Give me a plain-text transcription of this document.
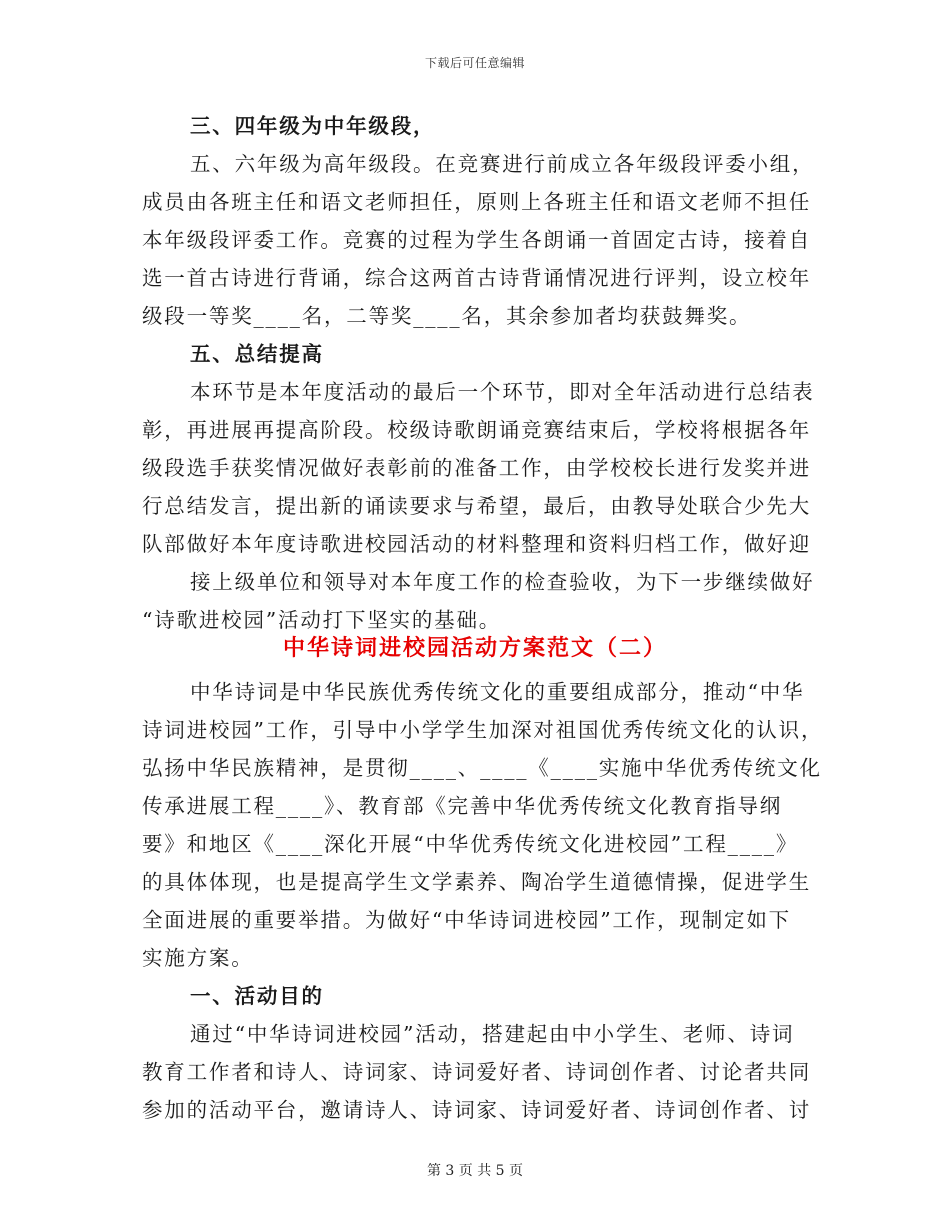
下载后可任意编辑
三、四年级为中年级段，
五、六年级为高年级段。在竞赛进行前成立各年级段评委小组，
成员由各班主任和语文老师担任，原则上各班主任和语文老师不担任
本年级段评委工作。竞赛的过程为学生各朗诵一首固定古诗，接着自
选一首古诗进行背诵，综合这两首古诗背诵情况进行评判，设立校年
级段一等奖____名，二等奖____名，其余参加者均获鼓舞奖。
五、总结提高
本环节是本年度活动的最后一个环节，即对全年活动进行总结表
彰，再进展再提高阶段。校级诗歌朗诵竞赛结束后，学校将根据各年
级段选手获奖情况做好表彰前的准备工作，由学校校长进行发奖并进
行总结发言，提出新的诵读要求与希望，最后，由教导处联合少先大
队部做好本年度诗歌进校园活动的材料整理和资料归档工作，做好迎
接上级单位和领导对本年度工作的检查验收，为下一步继续做好
“诗歌进校园”活动打下坚实的基础。
中华诗词进校园活动方案范文（二）
中华诗词是中华民族优秀传统文化的重要组成部分，推动“中华
诗词进校园”工作，引导中小学学生加深对祖国优秀传统文化的认识，
弘扬中华民族精神，是贯彻____、____《____实施中华优秀传统文化
传承进展工程____》、教育部《完善中华优秀传统文化教育指导纲
要》和地区《____深化开展“中华优秀传统文化进校园”工程____》
的具体体现，也是提高学生文学素养、陶冶学生道德情操，促进学生
全面进展的重要举措。为做好“中华诗词进校园”工作，现制定如下
实施方案。
一、活动目的
通过“中华诗词进校园”活动，搭建起由中小学生、老师、诗词
教育工作者和诗人、诗词家、诗词爱好者、诗词创作者、讨论者共同
参加的活动平台，邀请诗人、诗词家、诗词爱好者、诗词创作者、讨
第 3 页 共 5 页
